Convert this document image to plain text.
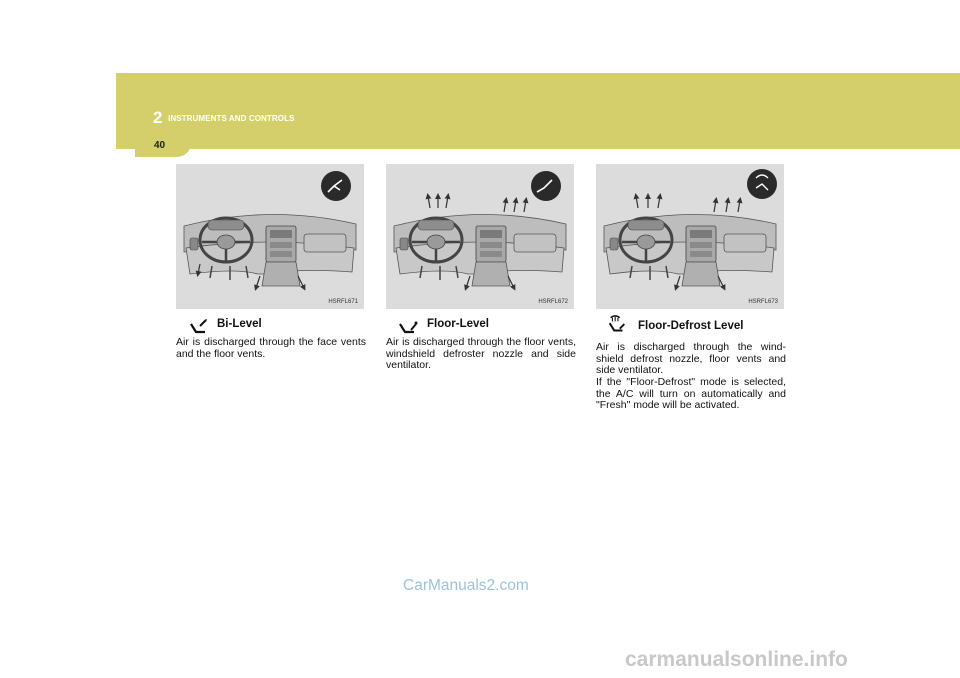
2 INSTRUMENTS AND CONTROLS
40
HSRFL671	HSRFL672	HSRFL673
Bi-Level

Air is discharged through the face vents and the floor vents.

Floor-Level

Air is discharged through the floor vents, windshield defroster nozzle and side ventilator.

Floor-Defrost Level

Air is discharged through the wind- shield defrost nozzle, floor vents and side ventilator.

If the "Floor-Defrost" mode is selected, the A/C will turn on automatically and "Fresh" mode will be activated.

CarManuals2.com
carmanualsonline.info
